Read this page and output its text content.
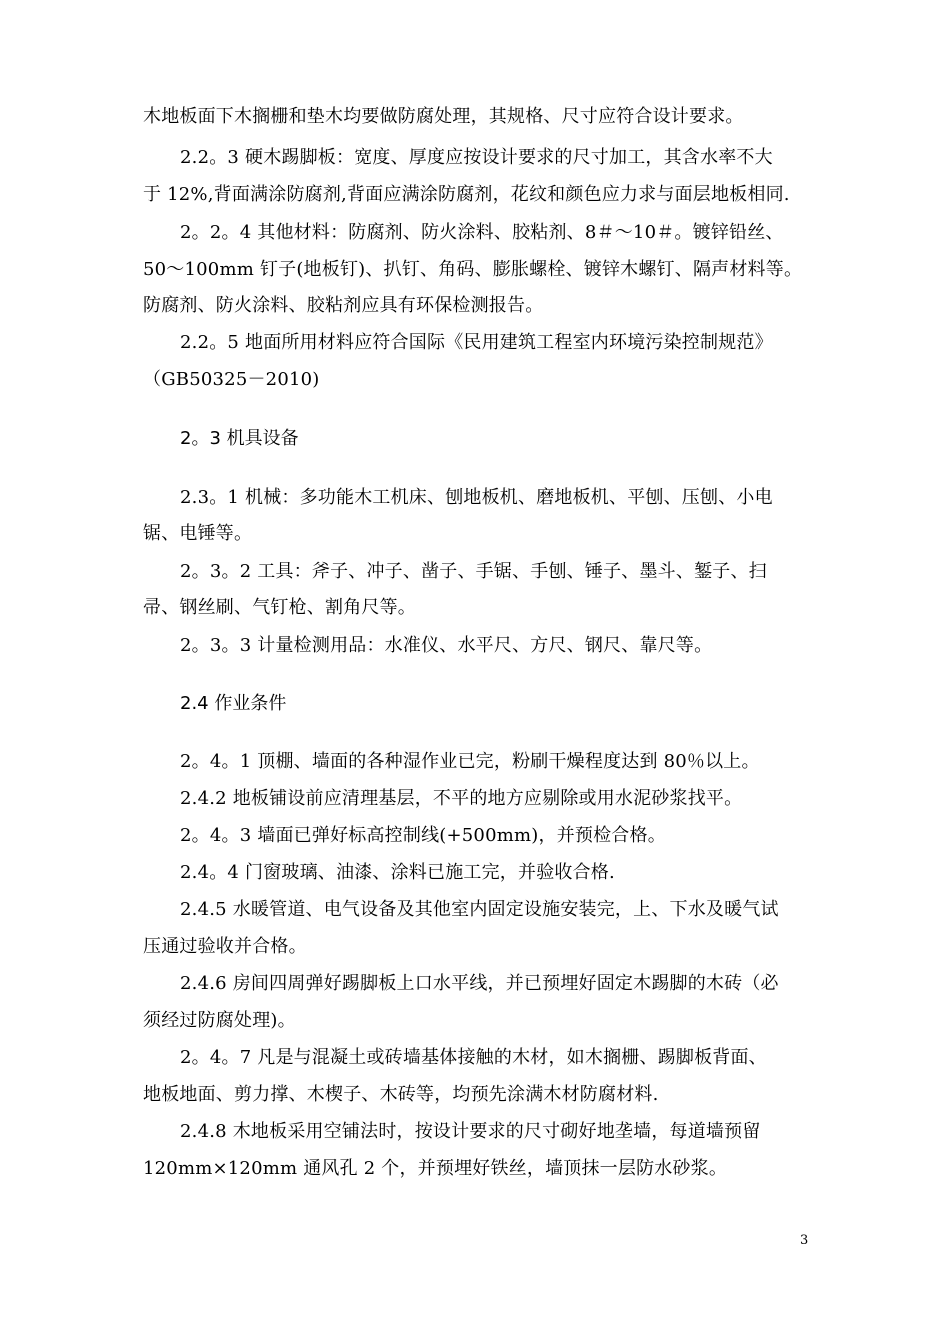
木地板面下木搁栅和垫木均要做防腐处理，其规格、尺寸应符合设计要求。
2.2。3 硬木踢脚板：宽度、厚度应按设计要求的尺寸加工，其含水率不大
于 12%,背面满涂防腐剂,背面应满涂防腐剂，花纹和颜色应力求与面层地板相同.
2。2。4 其他材料：防腐剂、防火涂料、胶粘剂、8＃～10＃。镀锌铅丝、
50～100mm 钉子(地板钉)、扒钉、角码、膨胀螺栓、镀锌木螺钉、隔声材料等。
防腐剂、防火涂料、胶粘剂应具有环保检测报告。
2.2。5 地面所用材料应符合国际《民用建筑工程室内环境污染控制规范》
（GB50325－2010)
2。3 机具设备
2.3。1 机械：多功能木工机床、刨地板机、磨地板机、平刨、压刨、小电
锯、电锤等。
2。3。2 工具：斧子、冲子、凿子、手锯、手刨、锤子、墨斗、錾子、扫
帚、钢丝刷、气钉枪、割角尺等。
2。3。3 计量检测用品：水准仪、水平尺、方尺、钢尺、靠尺等。
2.4 作业条件
2。4。1 顶棚、墙面的各种湿作业已完，粉刷干燥程度达到 80％以上。
2.4.2 地板铺设前应清理基层，不平的地方应剔除或用水泥砂浆找平。
2。4。3 墙面已弹好标高控制线(+500mm)，并预检合格。
2.4。4 门窗玻璃、油漆、涂料已施工完，并验收合格.
2.4.5 水暖管道、电气设备及其他室内固定设施安装完，上、下水及暖气试
压通过验收并合格。
2.4.6 房间四周弹好踢脚板上口水平线，并已预埋好固定木踢脚的木砖（必
须经过防腐处理)。
2。4。7 凡是与混凝土或砖墙基体接触的木材，如木搁栅、踢脚板背面、
地板地面、剪力撑、木楔子、木砖等，均预先涂满木材防腐材料.
2.4.8 木地板采用空铺法时，按设计要求的尺寸砌好地垄墙，每道墙预留
120mm×120mm 通风孔 2 个，并预埋好铁丝，墙顶抹一层防水砂浆。
3
